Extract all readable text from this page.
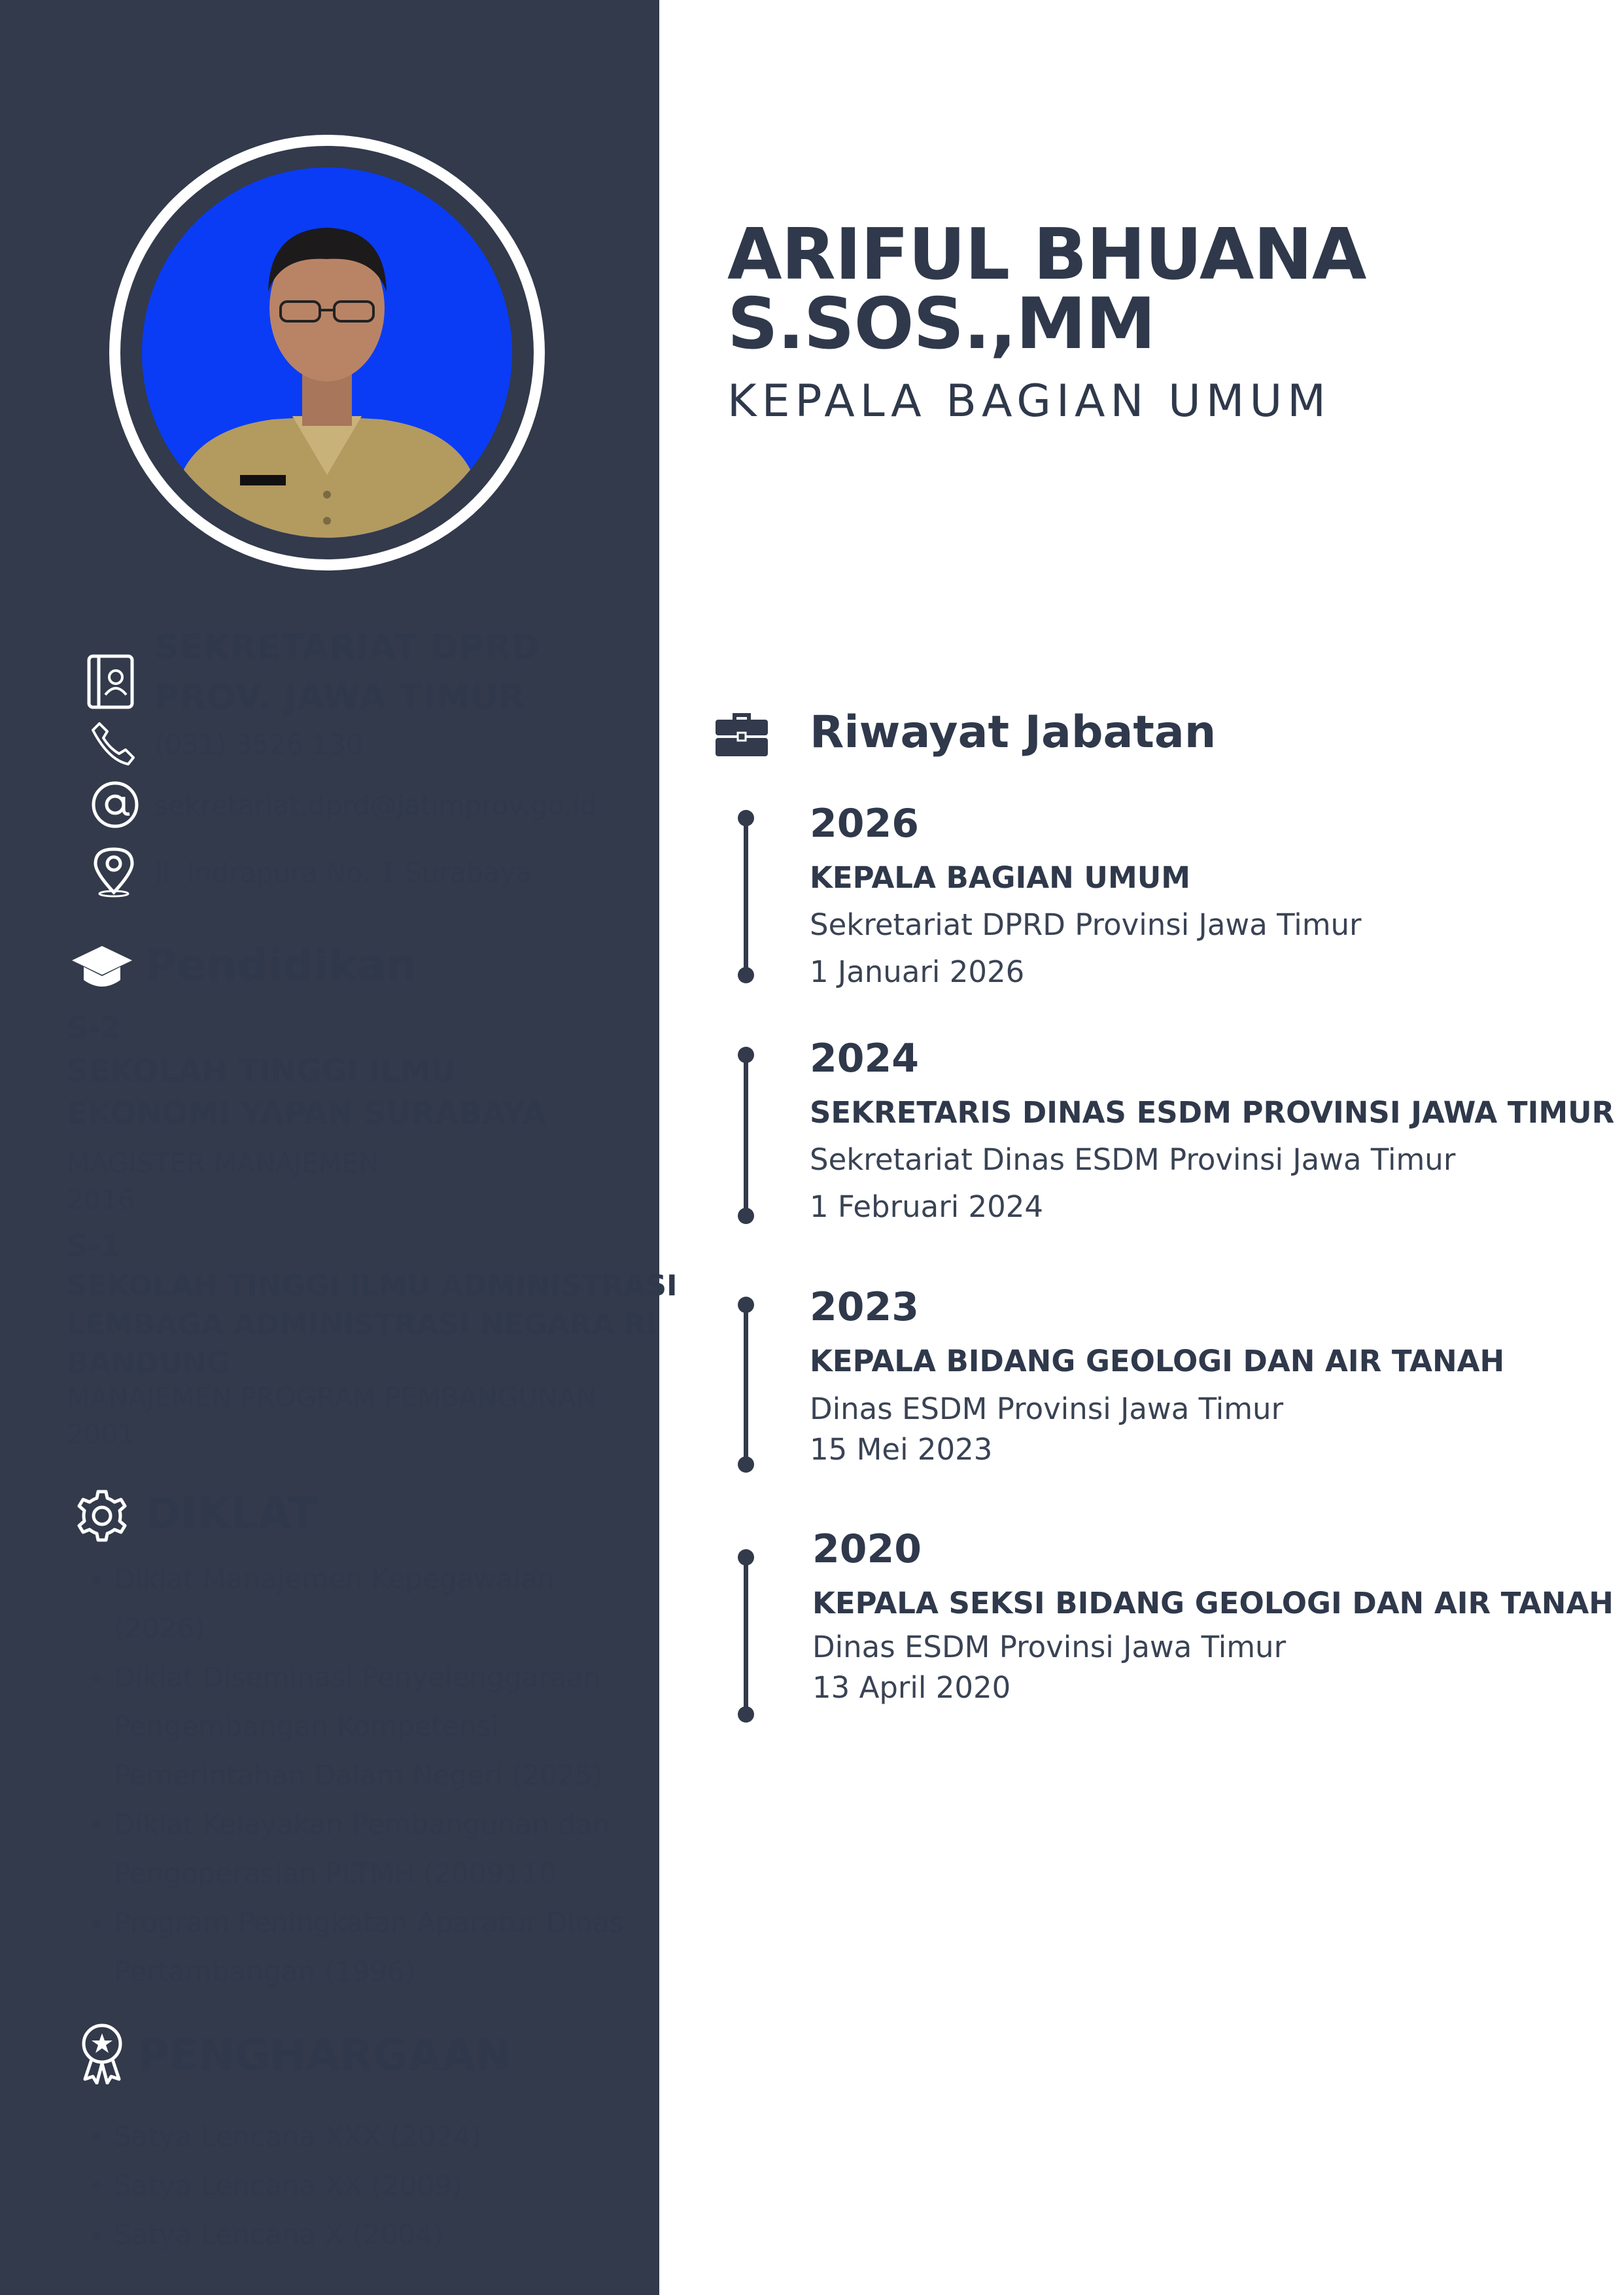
SEKRETARIAT DPRD
PROV. JAWA TIMUR
(031) 3526 130
sekretariat.dprd@jatimprov.go.id
Jl. Indrapura No. 1 Surabaya
Pendidikan
S-2
SEKOLAH TINGGI ILMU
EKONOMI YAPAN SURABAYA
MAGISTER MANAJEMEN
2016
S-1
SEKOLAH TINGGI ILMU ADMINISTRASI
LEMBAGA ADMINISTRASI NEGARA RI
BANDUNG
MANAJEMEN PROGRAM PEMBANGUNAN
2001
DIKLAT
• Diklat Manajemen Kepegawaian
(2026)
• Diklat Diseminasi Penyelenggaraan
Pengembangan Kompetensi
Pemerintahan Dalam Negeri (2025)
• Diklat Kelayakan Pembangunan dan
Pengoperasian PLTMH (2009110
• Program Peningkatan Aparatur Dinas
Pertambangan (1996)
PENGHARGAAN
• Satya Lencana XXX (2024)
• Satya Lencana XX (2009)
• Satya Lencana X (2004)
ARIFUL BHUANA
S.SOS.,MM
KEPALA BAGIAN UMUM
Riwayat Jabatan
2026
KEPALA BAGIAN UMUM
Sekretariat DPRD Provinsi Jawa Timur
1 Januari 2026
2024
SEKRETARIS DINAS ESDM PROVINSI JAWA TIMUR
Sekretariat Dinas ESDM Provinsi Jawa Timur
1 Februari 2024
2023
KEPALA BIDANG GEOLOGI DAN AIR TANAH
Dinas ESDM Provinsi Jawa Timur
15 Mei 2023
2020
KEPALA SEKSI BIDANG GEOLOGI DAN AIR TANAH
Dinas ESDM Provinsi Jawa Timur
13 April 2020
